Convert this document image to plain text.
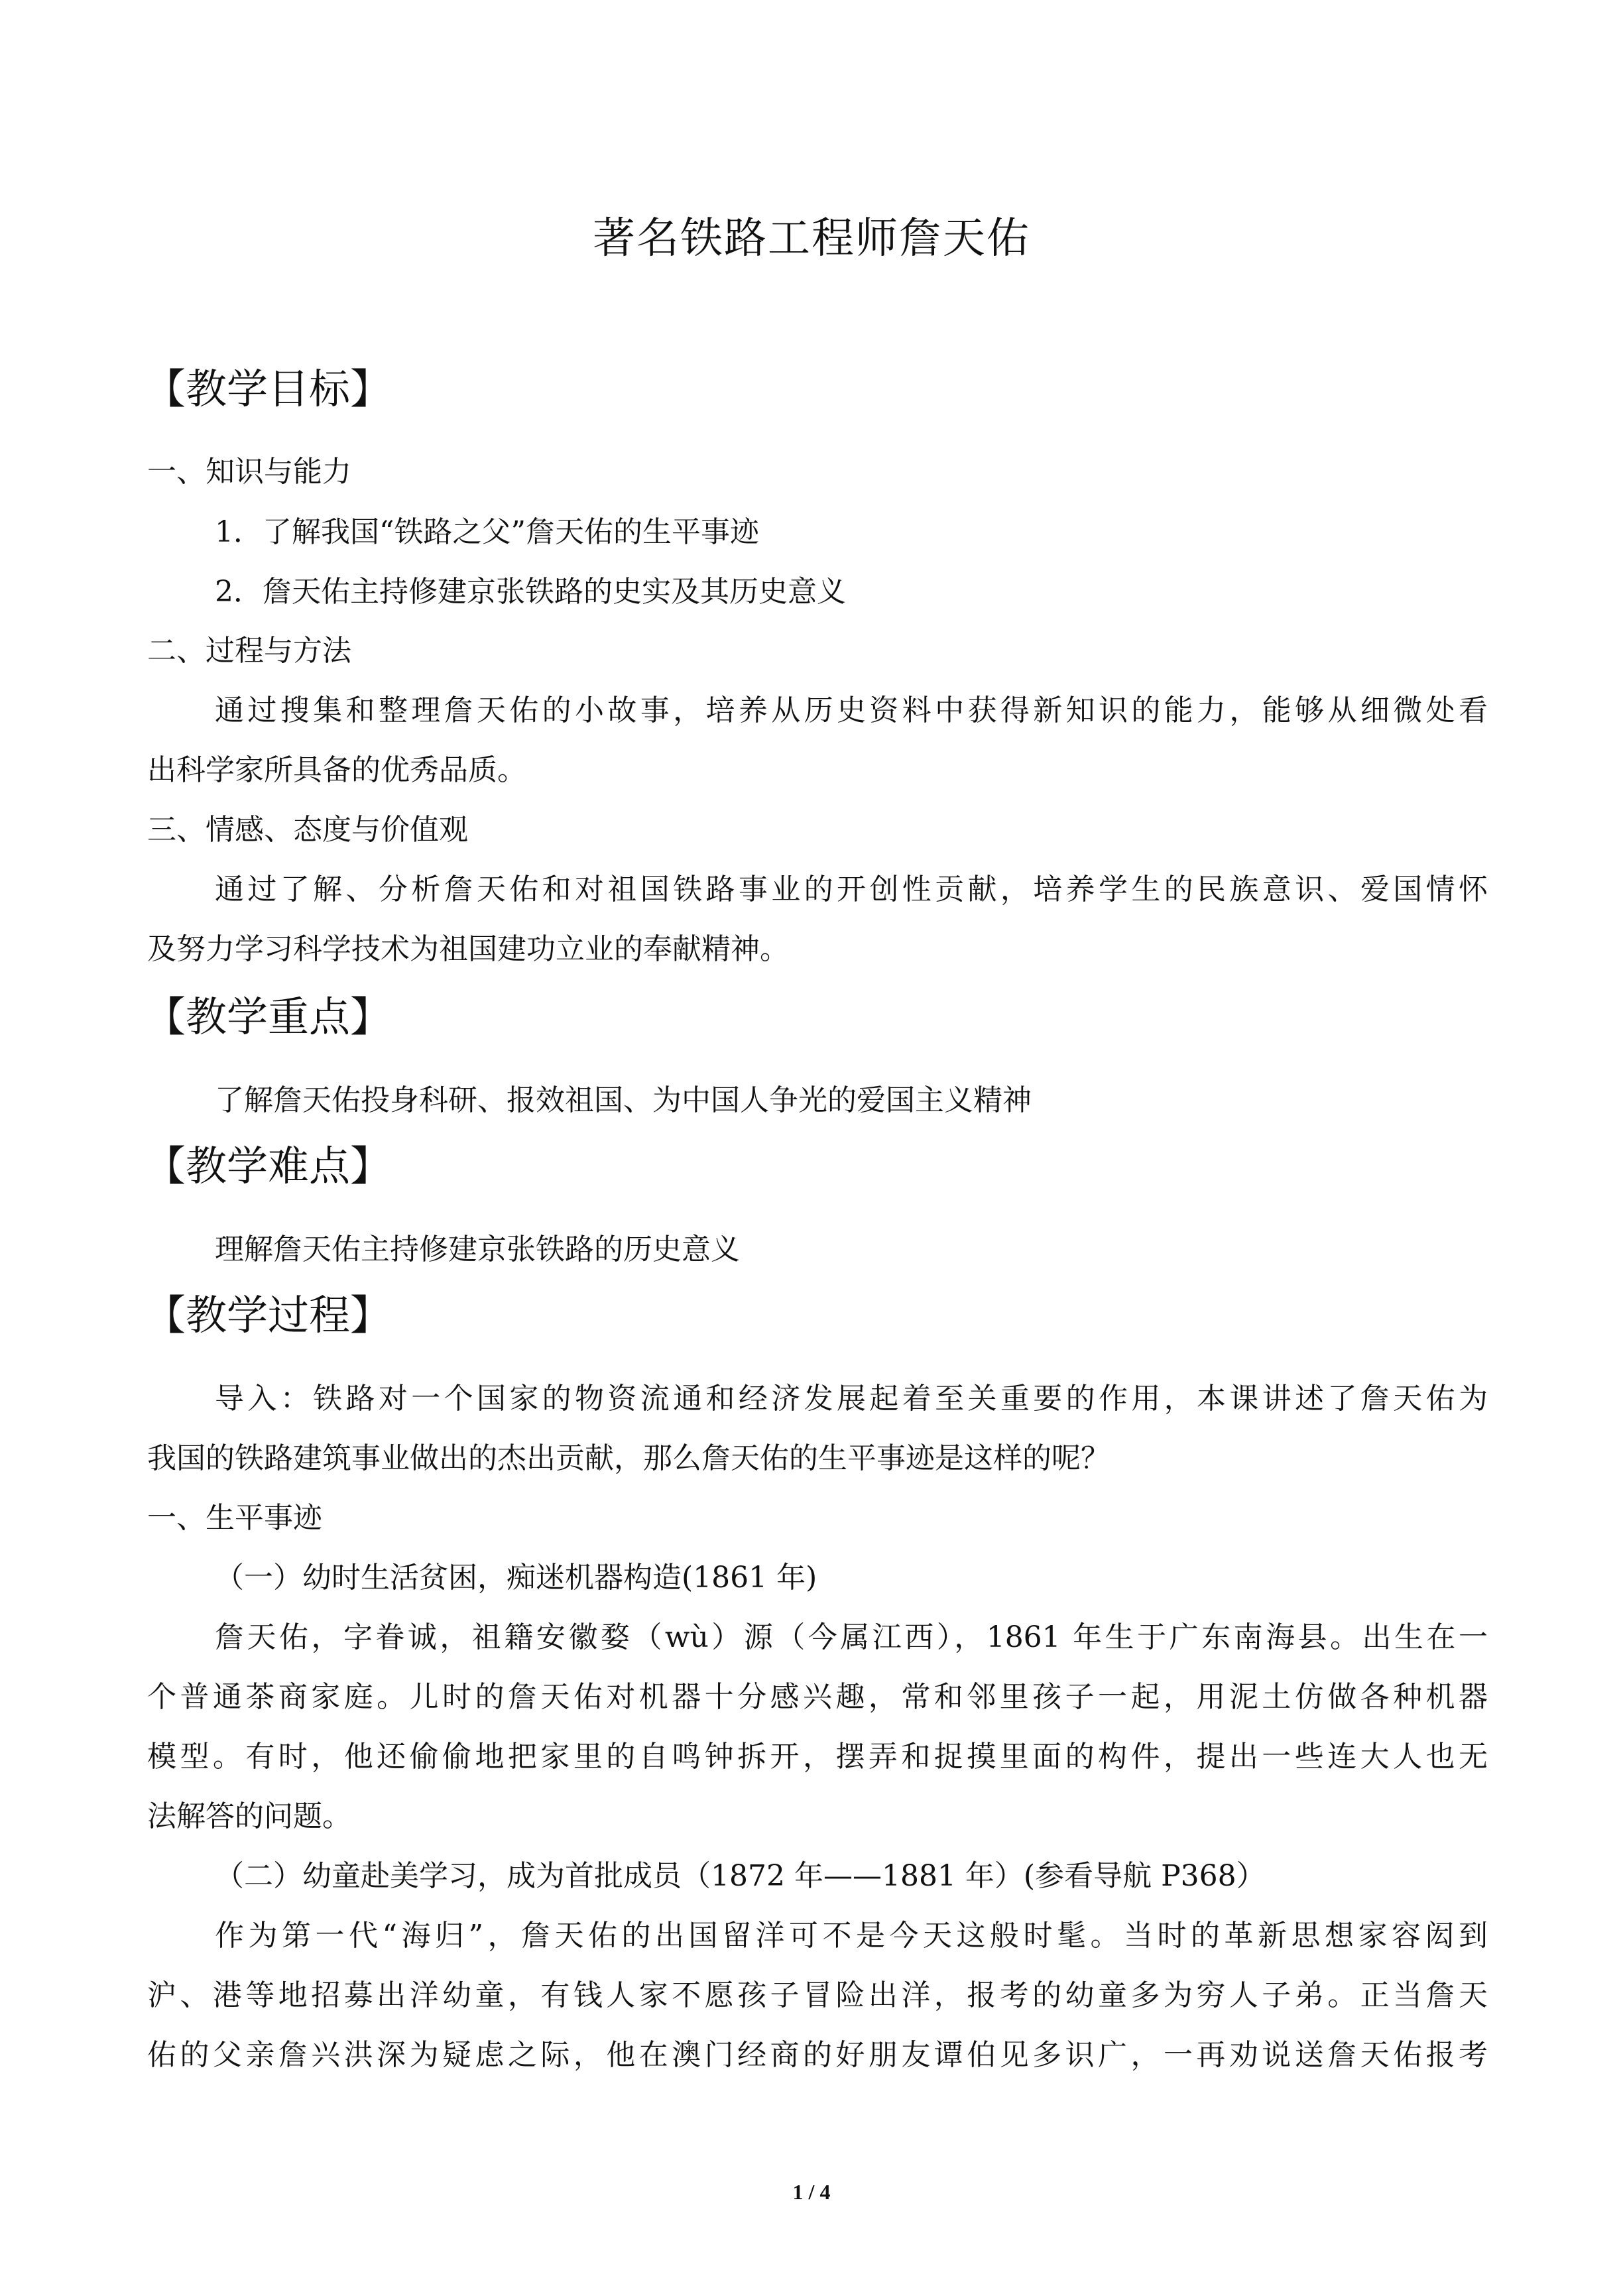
著名铁路工程师詹天佑
【教学目标】
一、知识与能力
1．了解我国“铁路之父”詹天佑的生平事迹
2．詹天佑主持修建京张铁路的史实及其历史意义
二、过程与方法
通过搜集和整理詹天佑的小故事，培养从历史资料中获得新知识的能力，能够从细微处看
出科学家所具备的优秀品质。
三、情感、态度与价值观
通过了解、分析詹天佑和对祖国铁路事业的开创性贡献，培养学生的民族意识、爱国情怀
及努力学习科学技术为祖国建功立业的奉献精神。
【教学重点】
了解詹天佑投身科研、报效祖国、为中国人争光的爱国主义精神
【教学难点】
理解詹天佑主持修建京张铁路的历史意义
【教学过程】
导入：铁路对一个国家的物资流通和经济发展起着至关重要的作用，本课讲述了詹天佑为
我国的铁路建筑事业做出的杰出贡献，那么詹天佑的生平事迹是这样的呢？
一、生平事迹
（一）幼时生活贫困，痴迷机器构造(1861 年)
詹天佑，字眷诚，祖籍安徽婺（wù）源（今属江西），1861 年生于广东南海县。出生在一
个普通茶商家庭。儿时的詹天佑对机器十分感兴趣，常和邻里孩子一起，用泥土仿做各种机器
模型。有时，他还偷偷地把家里的自鸣钟拆开，摆弄和捉摸里面的构件，提出一些连大人也无
法解答的问题。
（二）幼童赴美学习，成为首批成员（1872 年——1881 年）(参看导航 P368）
作为第一代“海归”，詹天佑的出国留洋可不是今天这般时髦。当时的革新思想家容闳到
沪、港等地招募出洋幼童，有钱人家不愿孩子冒险出洋，报考的幼童多为穷人子弟。正当詹天
佑的父亲詹兴洪深为疑虑之际，他在澳门经商的好朋友谭伯见多识广，一再劝说送詹天佑报考
1 / 4
